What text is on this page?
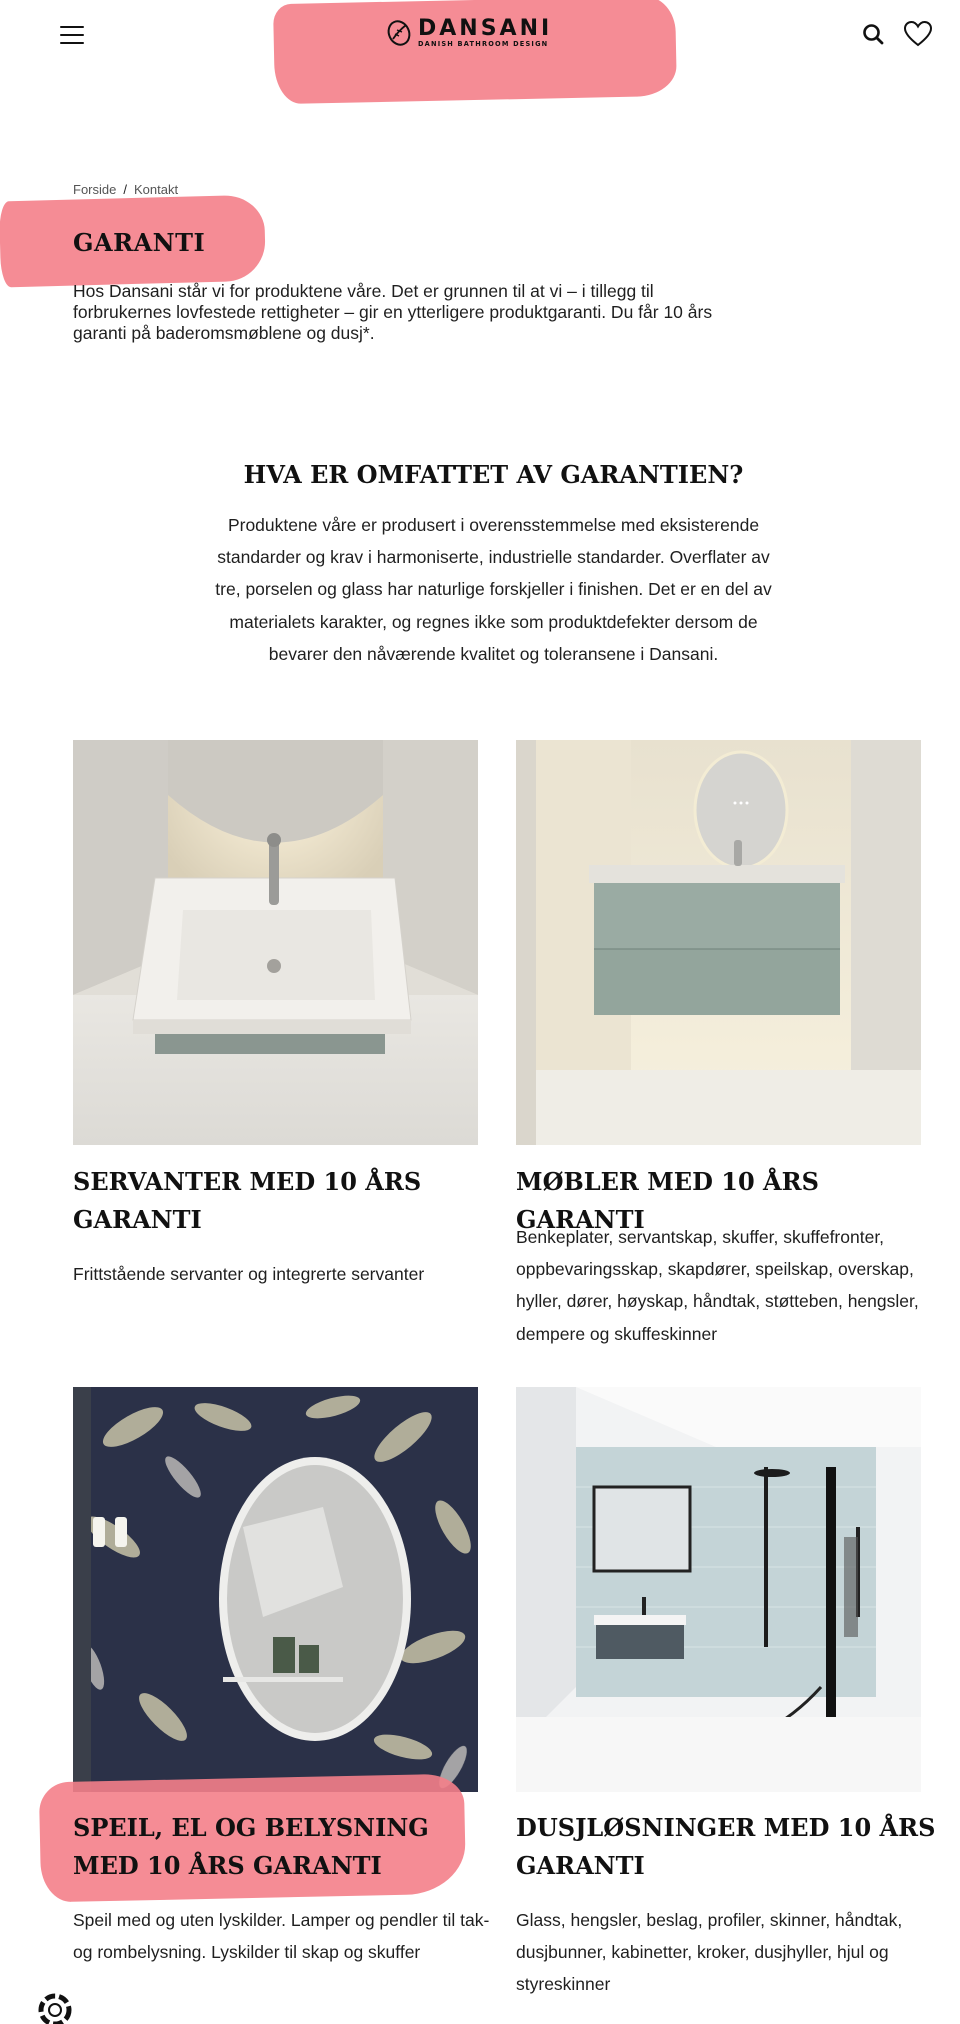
DANSANI
DANISH BATHROOM DESIGN
Forside / Kontakt
GARANTI

Hos Dansani står vi for produktene våre. Det er grunnen til at vi – i tillegg til forbrukernes lovfestede rettigheter – gir en ytterligere produktgaranti. Du får 10 års garanti på baderomsmøblene og dusj*.

HVA ER OMFATTET AV GARANTIEN?

Produktene våre er produsert i overensstemmelse med eksisterende standarder og krav i harmoniserte, industrielle standarder. Overflater av tre, porselen og glass har naturlige forskjeller i finishen. Det er en del av materialets karakter, og regnes ikke som produktdefekter dersom de bevarer den nåværende kvalitet og toleransene i Dansani.

SERVANTER MED 10 ÅRS GARANTI

Frittstående servanter og integrerte servanter

MØBLER MED 10 ÅRS GARANTI

Benkeplater, servantskap, skuffer, skuffefronter, oppbevaringsskap, skapdører, speilskap, overskap, hyller, dører, høyskap, håndtak, støtteben, hengsler, dempere og skuffeskinner

SPEIL, EL OG BELYSNING MED 10 ÅRS GARANTI

Speil med og uten lyskilder. Lamper og pendler til tak- og rombelysning. Lyskilder til skap og skuffer

DUSJLØSNINGER MED 10 ÅRS GARANTI

Glass, hengsler, beslag, profiler, skinner, håndtak, dusjbunner, kabinetter, kroker, dusjhyller, hjul og styreskinner
